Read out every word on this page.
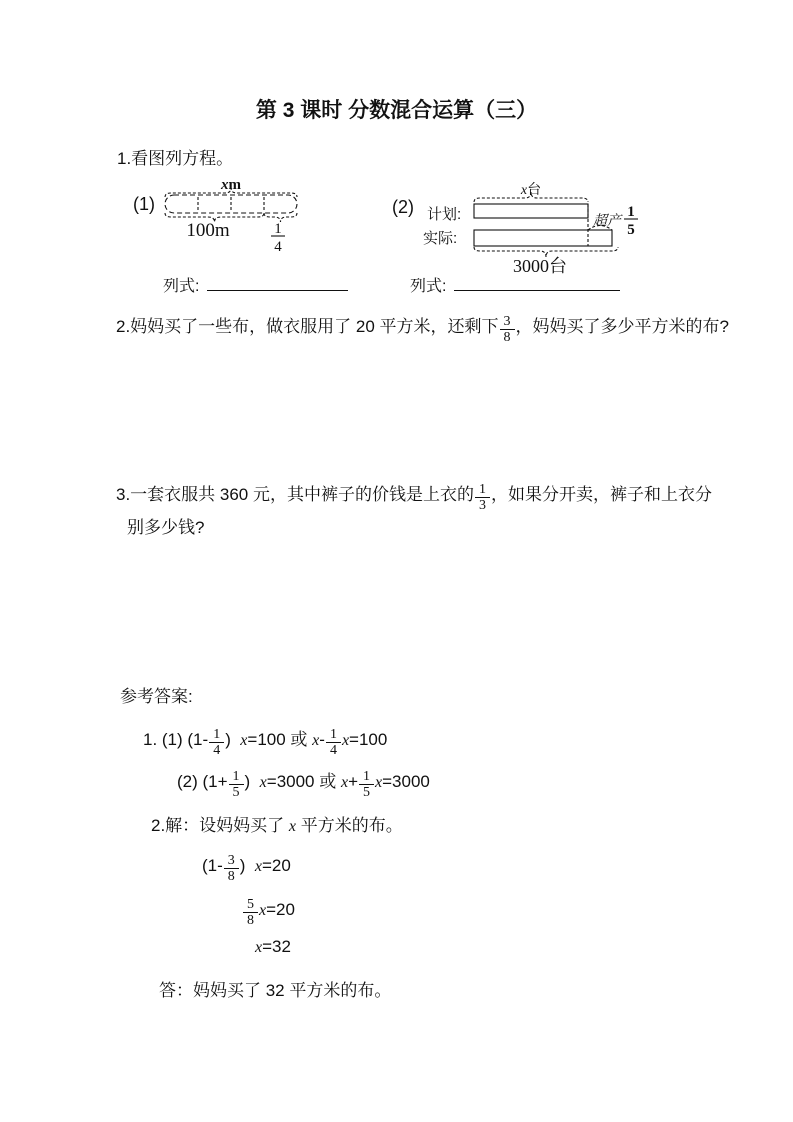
第 3 课时 分数混合运算（三）
1.看图列方程。
(1)
xm
100m	1
4
(2) 计划:
实际:
x台
超产 1
5
3000台
列式:	列式:
2.妈妈买了一些布，做衣服用了 20 平方米，还剩下 $\frac{3}{8}$ ，妈妈买了多少平方米的布?
3.一套衣服共 360 元，其中裤子的价钱是上衣的 $\frac{1}{3}$ ，如果分开卖，裤子和上衣分
别多少钱?
参考答案:
1. (1) ($1- \frac{1}{4}$ )  x=100 或 $x- \frac{1}{4} x=100$
(2) ($1+ \frac{1}{5}$ )  x=3000 或 $x+ \frac{1}{5} x=3000$
2.解：设妈妈买了 x 平方米的布。
($1- \frac{3}{8}$ )  x=20
$\frac{5}{8} x=20$
x=32
答：妈妈买了 32 平方米的布。
